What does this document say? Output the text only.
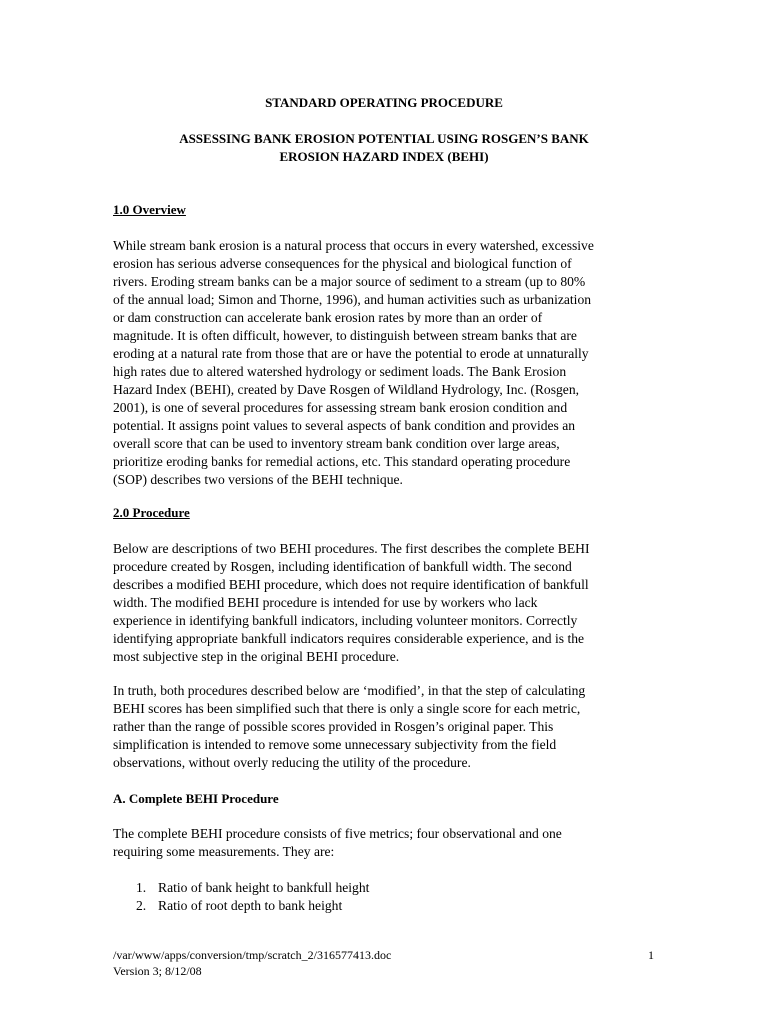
STANDARD OPERATING PROCEDURE
ASSESSING BANK EROSION POTENTIAL USING ROSGEN’S BANK
EROSION HAZARD INDEX (BEHI)
1.0 Overview
While stream bank erosion is a natural process that occurs in every watershed, excessive
erosion has serious adverse consequences for the physical and biological function of
rivers. Eroding stream banks can be a major source of sediment to a stream (up to 80%
of the annual load; Simon and Thorne, 1996), and human activities such as urbanization
or dam construction can accelerate bank erosion rates by more than an order of
magnitude. It is often difficult, however, to distinguish between stream banks that are
eroding at a natural rate from those that are or have the potential to erode at unnaturally
high rates due to altered watershed hydrology or sediment loads. The Bank Erosion
Hazard Index (BEHI), created by Dave Rosgen of Wildland Hydrology, Inc. (Rosgen,
2001), is one of several procedures for assessing stream bank erosion condition and
potential. It assigns point values to several aspects of bank condition and provides an
overall score that can be used to inventory stream bank condition over large areas,
prioritize eroding banks for remedial actions, etc. This standard operating procedure
(SOP) describes two versions of the BEHI technique.
2.0 Procedure
Below are descriptions of two BEHI procedures. The first describes the complete BEHI
procedure created by Rosgen, including identification of bankfull width. The second
describes a modified BEHI procedure, which does not require identification of bankfull
width. The modified BEHI procedure is intended for use by workers who lack
experience in identifying bankfull indicators, including volunteer monitors. Correctly
identifying appropriate bankfull indicators requires considerable experience, and is the
most subjective step in the original BEHI procedure.
In truth, both procedures described below are ‘modified’, in that the step of calculating
BEHI scores has been simplified such that there is only a single score for each metric,
rather than the range of possible scores provided in Rosgen’s original paper. This
simplification is intended to remove some unnecessary subjectivity from the field
observations, without overly reducing the utility of the procedure.
A. Complete BEHI Procedure
The complete BEHI procedure consists of five metrics; four observational and one
requiring some measurements. They are:
1. Ratio of bank height to bankfull height
2. Ratio of root depth to bank height
/var/www/apps/conversion/tmp/scratch_2/316577413.doc
Version 3; 8/12/08
1
